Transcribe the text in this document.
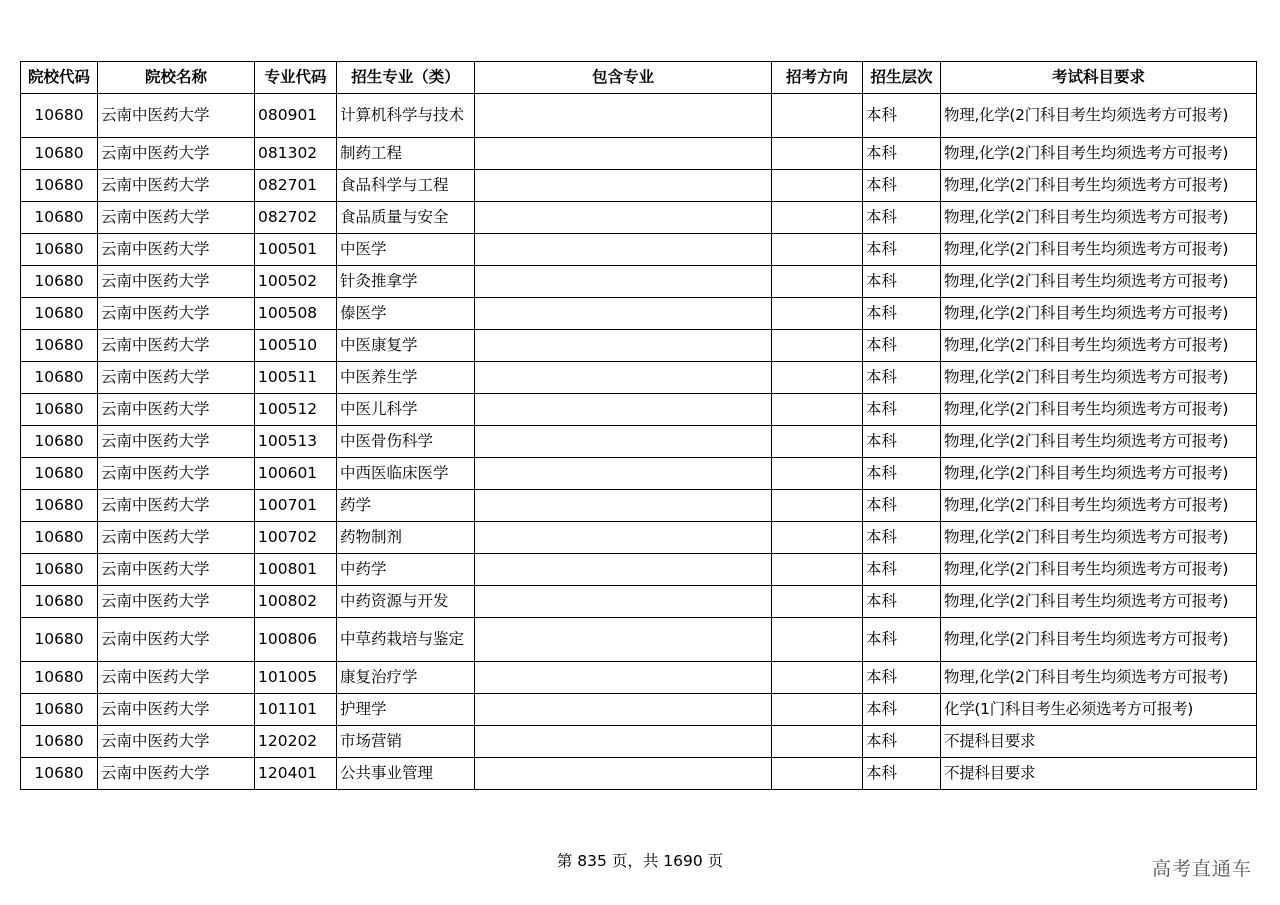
院校代码	院校名称	专业代码	招生专业（类）	包含专业	招考方向	招生层次	考试科目要求
10680	云南中医药大学	080901	计算机科学与技术			本科	物理,化学(2门科目考生均须选考方可报考)
10680	云南中医药大学	081302	制药工程			本科	物理,化学(2门科目考生均须选考方可报考)
10680	云南中医药大学	082701	食品科学与工程			本科	物理,化学(2门科目考生均须选考方可报考)
10680	云南中医药大学	082702	食品质量与安全			本科	物理,化学(2门科目考生均须选考方可报考)
10680	云南中医药大学	100501	中医学			本科	物理,化学(2门科目考生均须选考方可报考)
10680	云南中医药大学	100502	针灸推拿学			本科	物理,化学(2门科目考生均须选考方可报考)
10680	云南中医药大学	100508	傣医学			本科	物理,化学(2门科目考生均须选考方可报考)
10680	云南中医药大学	100510	中医康复学			本科	物理,化学(2门科目考生均须选考方可报考)
10680	云南中医药大学	100511	中医养生学			本科	物理,化学(2门科目考生均须选考方可报考)
10680	云南中医药大学	100512	中医儿科学			本科	物理,化学(2门科目考生均须选考方可报考)
10680	云南中医药大学	100513	中医骨伤科学			本科	物理,化学(2门科目考生均须选考方可报考)
10680	云南中医药大学	100601	中西医临床医学			本科	物理,化学(2门科目考生均须选考方可报考)
10680	云南中医药大学	100701	药学			本科	物理,化学(2门科目考生均须选考方可报考)
10680	云南中医药大学	100702	药物制剂			本科	物理,化学(2门科目考生均须选考方可报考)
10680	云南中医药大学	100801	中药学			本科	物理,化学(2门科目考生均须选考方可报考)
10680	云南中医药大学	100802	中药资源与开发			本科	物理,化学(2门科目考生均须选考方可报考)
10680	云南中医药大学	100806	中草药栽培与鉴定			本科	物理,化学(2门科目考生均须选考方可报考)
10680	云南中医药大学	101005	康复治疗学			本科	物理,化学(2门科目考生均须选考方可报考)
10680	云南中医药大学	101101	护理学			本科	化学(1门科目考生必须选考方可报考)
10680	云南中医药大学	120202	市场营销			本科	不提科目要求
10680	云南中医药大学	120401	公共事业管理			本科	不提科目要求
第 835 页，共 1690 页	高考直通车
